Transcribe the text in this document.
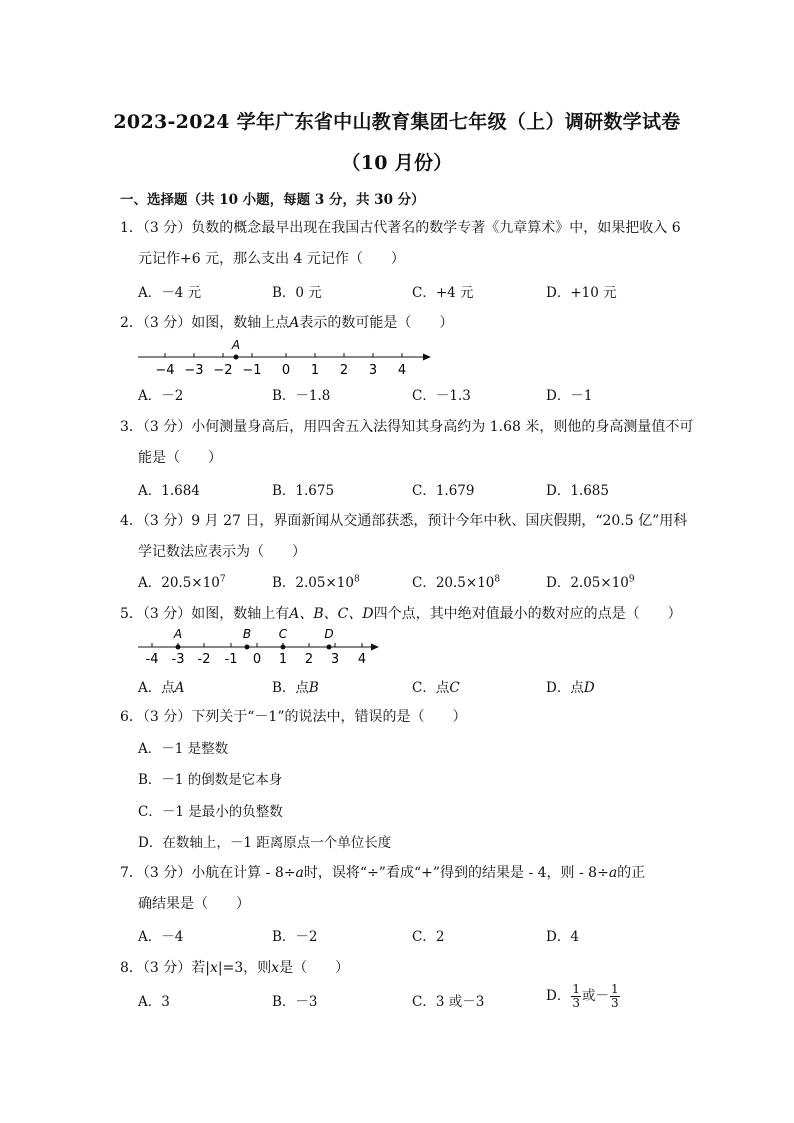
2023-2024 学年广东省中山教育集团七年级（上）调研数学试卷
（10 月份）
一、选择题（共 10 小题，每题 3 分，共 30 分）
1．（3 分）负数的概念最早出现在我国古代著名的数学专著《九章算术》中，如果把收入 6
元记作+6 元，那么支出 4 元记作（　　）
A．－4 元	B．0 元	C．+4 元	D．+10 元
2．（3 分）如图，数轴上点A表示的数可能是（　　）
−4 −3 −2 −1 0 1 2 3 4
A
A．－2	B．－1.8	C．－1.3	D．－1
3．（3 分）小何测量身高后，用四舍五入法得知其身高约为 1.68 米，则他的身高测量值不可
能是（　　）
A．1.684	B．1.675	C．1.679	D．1.685
4．（3 分）9 月 27 日，界面新闻从交通部获悉，预计今年中秋、国庆假期，“20.5 亿”用科
学记数法应表示为（　　）
A．$20.5\times 10^7$	B．$2.05\times 10^8$	C．$20.5\times 10^8$	D．$2.05\times 10^9$
5．（3 分）如图，数轴上有A、B、C、D四个点，其中绝对值最小的数对应的点是（　　）
-4 -3 -2 -1 0 1 2 3 4
A	B C	D
A．点A	B．点B	C．点C	D．点D
6．（3 分）下列关于“－1”的说法中，错误的是（　　）
A．－1 是整数
B．－1 的倒数是它本身
C．－1 是最小的负整数
D．在数轴上，－1 距离原点一个单位长度
7．（3 分）小航在计算 - 8÷a时，误将“÷”看成“+”得到的结果是 - 4，则 - 8÷a的正
确结果是（　　）
A．－4	B．－2	C．2	D．4
8．（3 分）若|x|=3，则x是（　　）
A．3	B．－3	C．3 或－3	D． $\frac{1}{3}$ 或－ $\frac{1}{3}$
